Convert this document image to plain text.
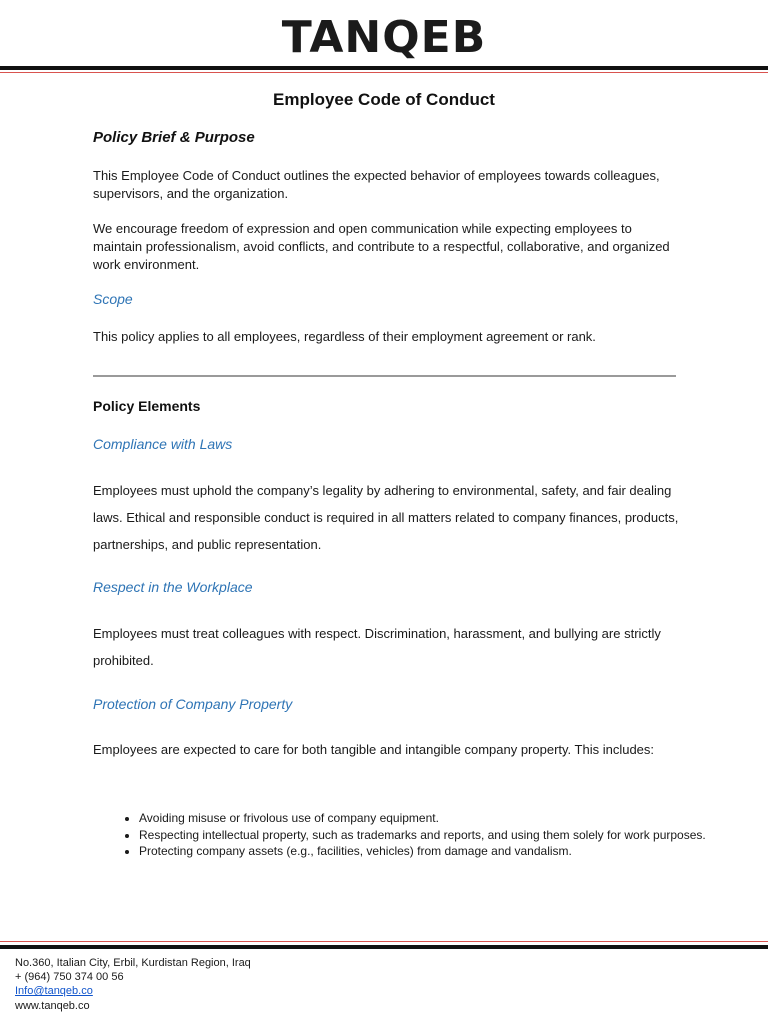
TANQEB
Employee Code of Conduct
Policy Brief & Purpose
This Employee Code of Conduct outlines the expected behavior of employees towards colleagues, supervisors, and the organization.
We encourage freedom of expression and open communication while expecting employees to maintain professionalism, avoid conflicts, and contribute to a respectful, collaborative, and organized work environment.
Scope
This policy applies to all employees, regardless of their employment agreement or rank.
Policy Elements
Compliance with Laws
Employees must uphold the company’s legality by adhering to environmental, safety, and fair dealing laws. Ethical and responsible conduct is required in all matters related to company finances, products, partnerships, and public representation.
Respect in the Workplace
Employees must treat colleagues with respect. Discrimination, harassment, and bullying are strictly prohibited.
Protection of Company Property
Employees are expected to care for both tangible and intangible company property. This includes:
• Avoiding misuse or frivolous use of company equipment.
• Respecting intellectual property, such as trademarks and reports, and using them solely for work purposes.
• Protecting company assets (e.g., facilities, vehicles) from damage and vandalism.
No.360, Italian City, Erbil, Kurdistan Region, Iraq
+ (964) 750 374 00 56
Info@tanqeb.co
www.tanqeb.co
